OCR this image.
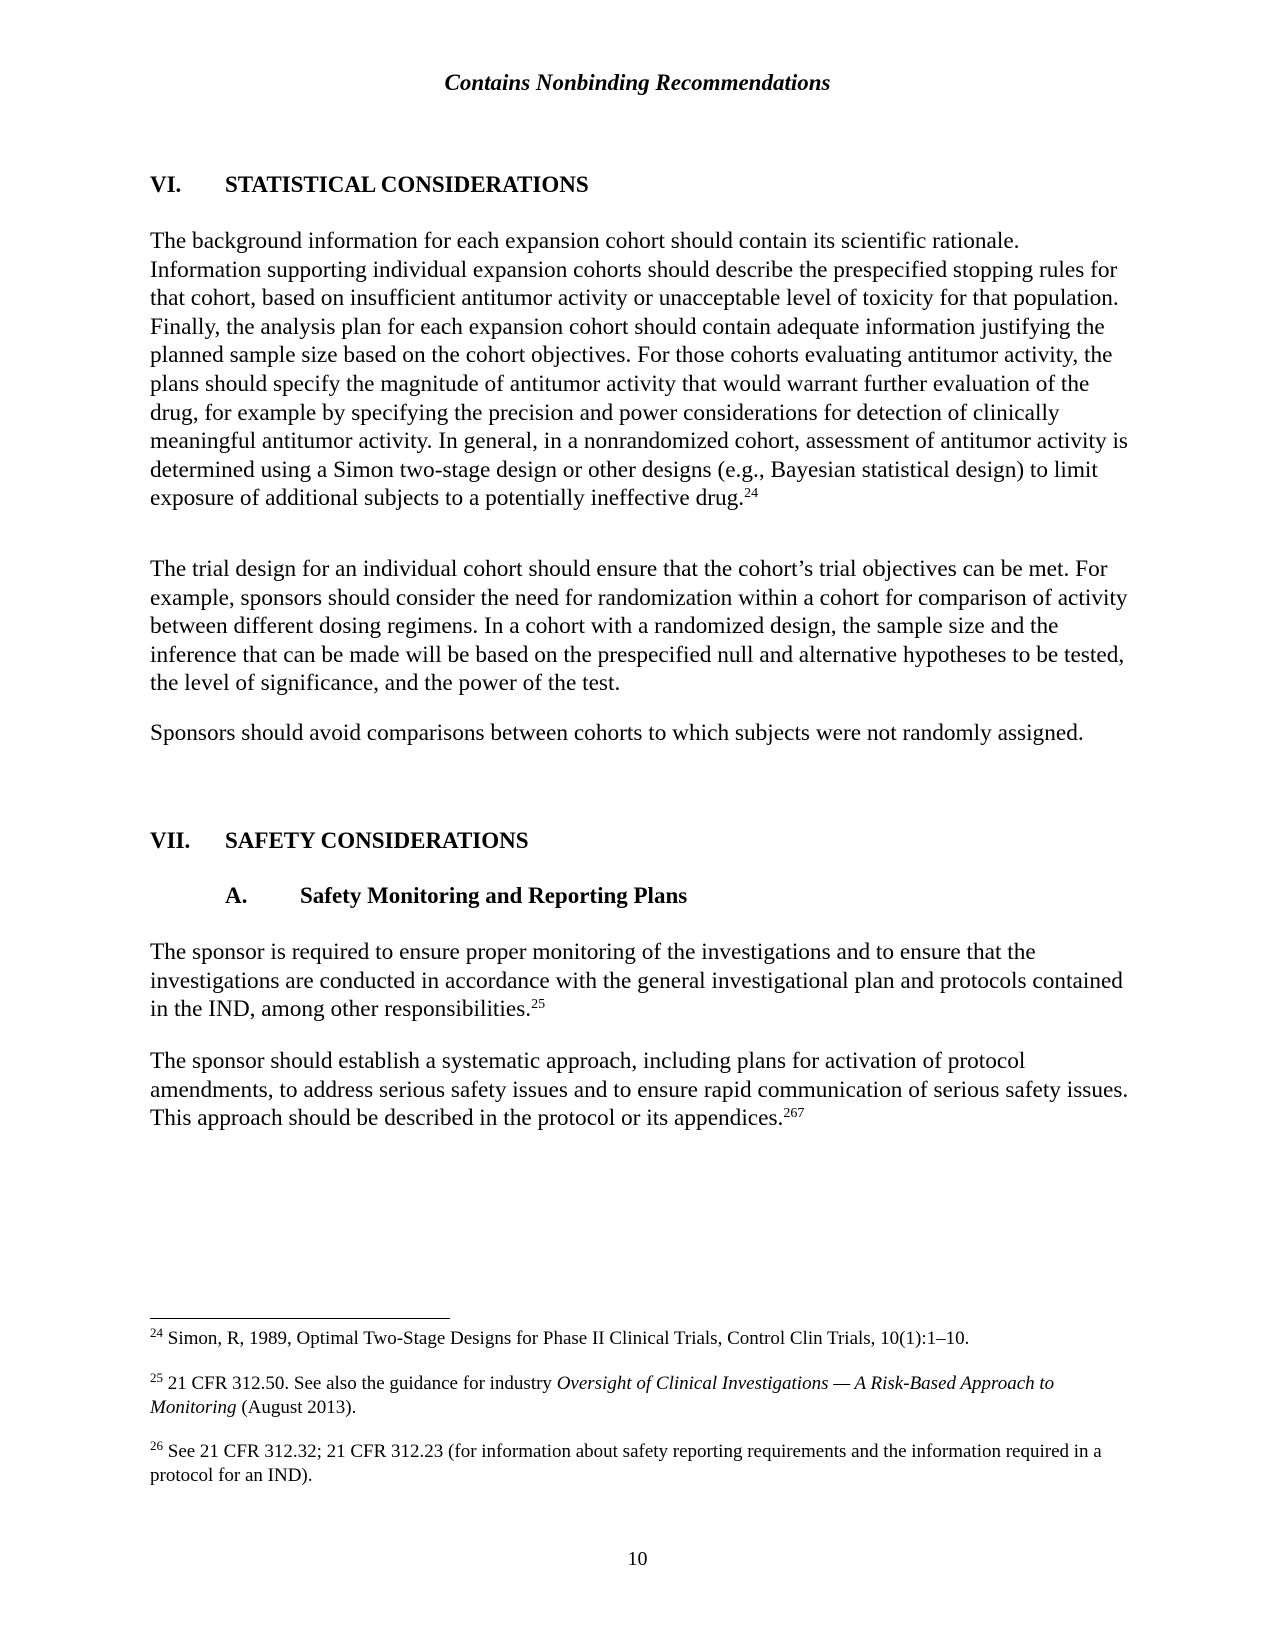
Contains Nonbinding Recommendations
VI. STATISTICAL CONSIDERATIONS

The background information for each expansion cohort should contain its scientific rationale. Information supporting individual expansion cohorts should describe the prespecified stopping rules for that cohort, based on insufficient antitumor activity or unacceptable level of toxicity for that population. Finally, the analysis plan for each expansion cohort should contain adequate information justifying the planned sample size based on the cohort objectives. For those cohorts evaluating antitumor activity, the plans should specify the magnitude of antitumor activity that would warrant further evaluation of the drug, for example by specifying the precision and power considerations for detection of clinically meaningful antitumor activity. In general, in a nonrandomized cohort, assessment of antitumor activity is determined using a Simon two-stage design or other designs (e.g., Bayesian statistical design) to limit exposure of additional subjects to a potentially ineffective drug.$^{24}$

The trial design for an individual cohort should ensure that the cohort’s trial objectives can be met. For example, sponsors should consider the need for randomization within a cohort for comparison of activity between different dosing regimens. In a cohort with a randomized design, the sample size and the inference that can be made will be based on the prespecified null and alternative hypotheses to be tested, the level of significance, and the power of the test.

Sponsors should avoid comparisons between cohorts to which subjects were not randomly assigned.

VII. SAFETY CONSIDERATIONS
A. Safety Monitoring and Reporting Plans

The sponsor is required to ensure proper monitoring of the investigations and to ensure that the investigations are conducted in accordance with the general investigational plan and protocols contained in the IND, among other responsibilities.$^{25}$

The sponsor should establish a systematic approach, including plans for activation of protocol amendments, to address serious safety issues and to ensure rapid communication of serious safety issues. This approach should be described in the protocol or its appendices.$^{267}$

$^{24}$ Simon, R, 1989, Optimal Two-Stage Designs for Phase II Clinical Trials, Control Clin Trials, 10(1):1–10.

$^{25}$ 21 CFR 312.50. See also the guidance for industry Oversight of Clinical Investigations — A Risk-Based Approach to Monitoring (August 2013).

$^{26}$ See 21 CFR 312.32; 21 CFR 312.23 (for information about safety reporting requirements and the information required in a protocol for an IND).

10
